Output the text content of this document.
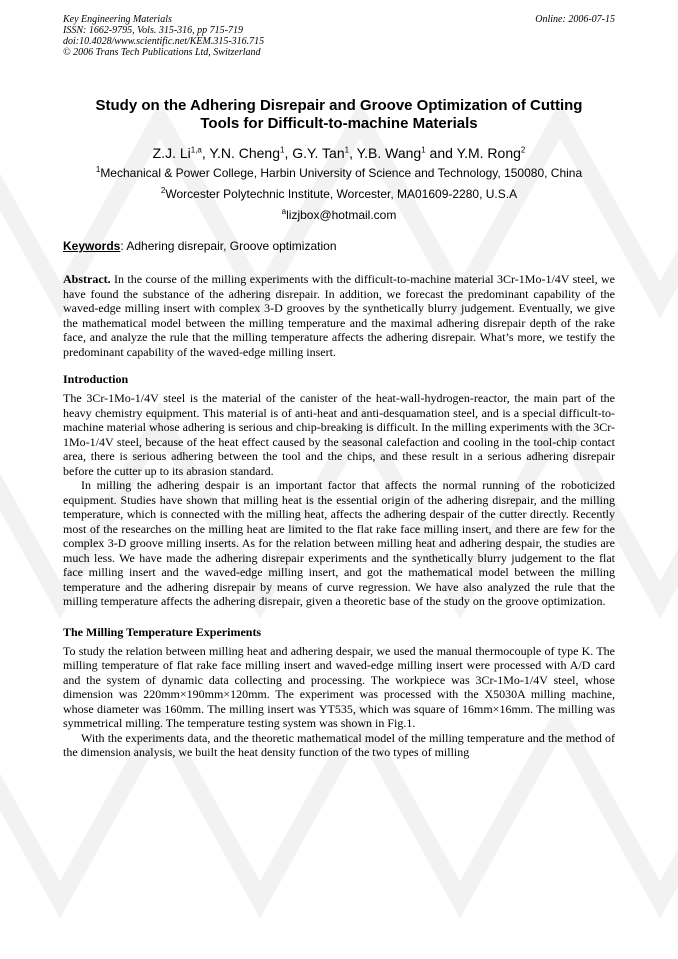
Key Engineering Materials
ISSN: 1662-9795, Vols. 315-316, pp 715-719
doi:10.4028/www.scientific.net/KEM.315-316.715
© 2006 Trans Tech Publications Ltd, Switzerland
Online: 2006-07-15
Study on the Adhering Disrepair and Groove Optimization of Cutting
Tools for Difficult-to-machine Materials
Z.J. Li$^{1,a}$, Y.N. Cheng$^1$, G.Y. Tan$^1$, Y.B. Wang$^1$ and Y.M. Rong$^2$
$^1$Mechanical & Power College, Harbin University of Science and Technology, 150080, China
$^2$Worcester Polytechnic Institute, Worcester, MA01609-2280, U.S.A
$^a$lizjbox@hotmail.com
Keywords: Adhering disrepair, Groove optimization

Abstract. In the course of the milling experiments with the difficult-to-machine material 3Cr-1Mo-1/4V steel, we have found the substance of the adhering disrepair. In addition, we forecast the predominant capability of the waved-edge milling insert with complex 3-D grooves by the synthetically blurry judgement. Eventually, we give the mathematical model between the milling temperature and the maximal adhering disrepair depth of the rake face, and analyze the rule that the milling temperature affects the adhering disrepair. What’s more, we testify the predominant capability of the waved-edge milling insert.

Introduction

The 3Cr-1Mo-1/4V steel is the material of the canister of the heat-wall-hydrogen-reactor, the main part of the heavy chemistry equipment. This material is of anti-heat and anti-desquamation steel, and is a special difficult-to-machine material whose adhering is serious and chip-breaking is difficult. In the milling experiments with the 3Cr-1Mo-1/4V steel, because of the heat effect caused by the seasonal calefaction and cooling in the tool-chip contact area, there is serious adhering between the tool and the chips, and these result in a serious adhering disrepair before the cutter up to its abrasion standard.

In milling the adhering despair is an important factor that affects the normal running of the roboticized equipment. Studies have shown that milling heat is the essential origin of the adhering disrepair, and the milling temperature, which is connected with the milling heat, affects the adhering despair of the cutter directly. Recently most of the researches on the milling heat are limited to the flat rake face milling insert, and there are few for the complex 3-D groove milling inserts. As for the relation between milling heat and adhering despair, the studies are much less. We have made the adhering disrepair experiments and the synthetically blurry judgement to the flat face milling insert and the waved-edge milling insert, and got the mathematical model between the milling temperature and the adhering disrepair by means of curve regression. We have also analyzed the rule that the milling temperature affects the adhering disrepair, given a theoretic base of the study on the groove optimization.

The Milling Temperature Experiments

To study the relation between milling heat and adhering despair, we used the manual thermocouple of type K. The milling temperature of flat rake face milling insert and waved-edge milling insert were processed with A/D card and the system of dynamic data collecting and processing. The workpiece was 3Cr-1Mo-1/4V steel, whose dimension was 220mm×190mm×120mm. The experiment was processed with the X5030A milling machine, whose diameter was 160mm. The milling insert was YT535, which was square of 16mm×16mm. The milling was symmetrical milling. The temperature testing system was shown in Fig.1.

With the experiments data, and the theoretic mathematical model of the milling temperature and the method of the dimension analysis, we built the heat density function of the two types of milling
